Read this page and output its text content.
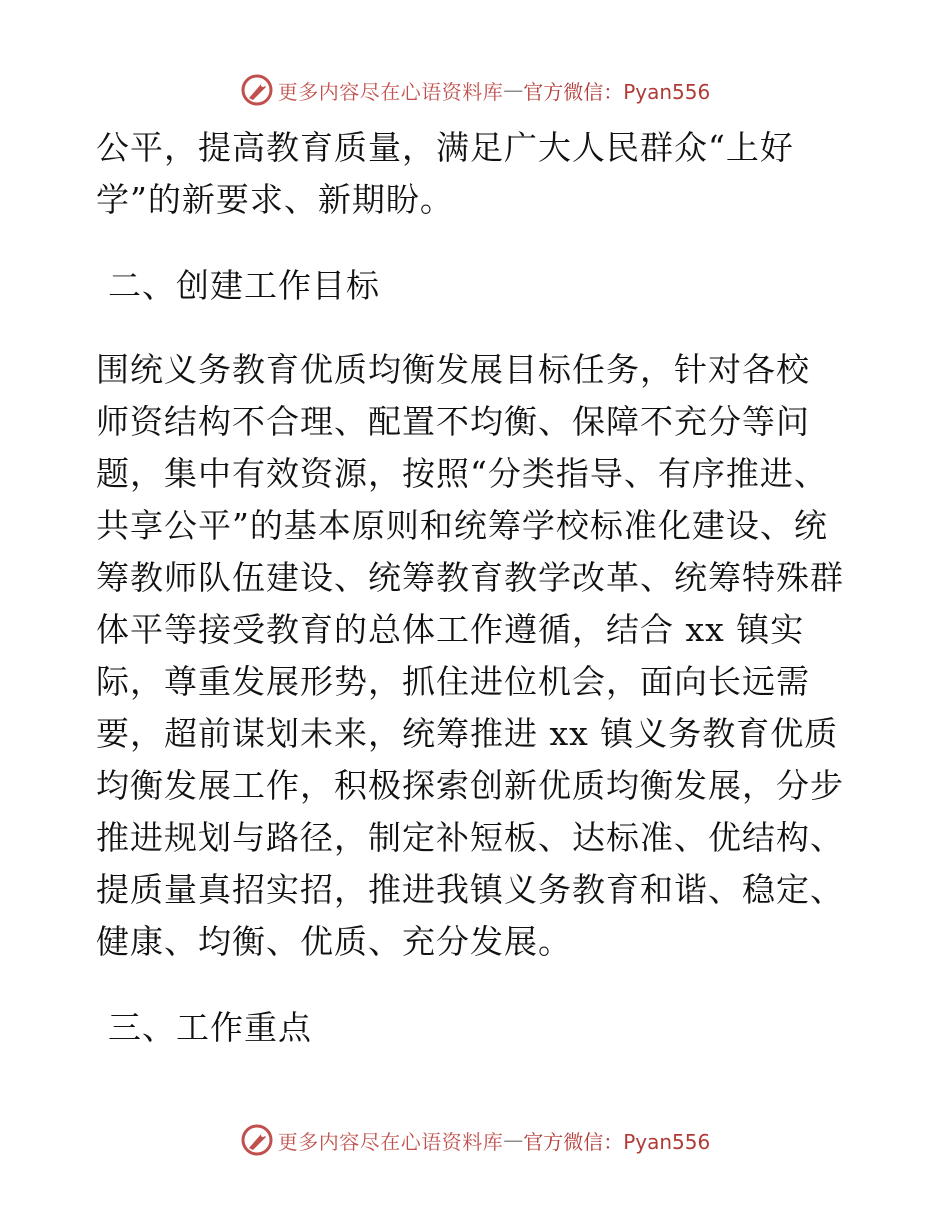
更多内容尽在心语资料库 — 官方微信：Pyan556
公平，提高教育质量，满足广大人民群众“上好
学”的新要求、新期盼。
二、创建工作目标
围统义务教育优质均衡发展目标任务，针对各校
师资结构不合理、配置不均衡、保障不充分等问
题，集中有效资源，按照“分类指导、有序推进、
共享公平”的基本原则和统筹学校标准化建设、统
筹教师队伍建设、统筹教育教学改革、统筹特殊群
体平等接受教育的总体工作遵循，结合 xx 镇实
际，尊重发展形势，抓住进位机会，面向长远需
要，超前谋划未来，统筹推进 xx 镇义务教育优质
均衡发展工作，积极探索创新优质均衡发展，分步
推进规划与路径，制定补短板、达标准、优结构、
提质量真招实招，推进我镇义务教育和谐、稳定、
健康、均衡、优质、充分发展。
三、工作重点
更多内容尽在心语资料库 — 官方微信：Pyan556
